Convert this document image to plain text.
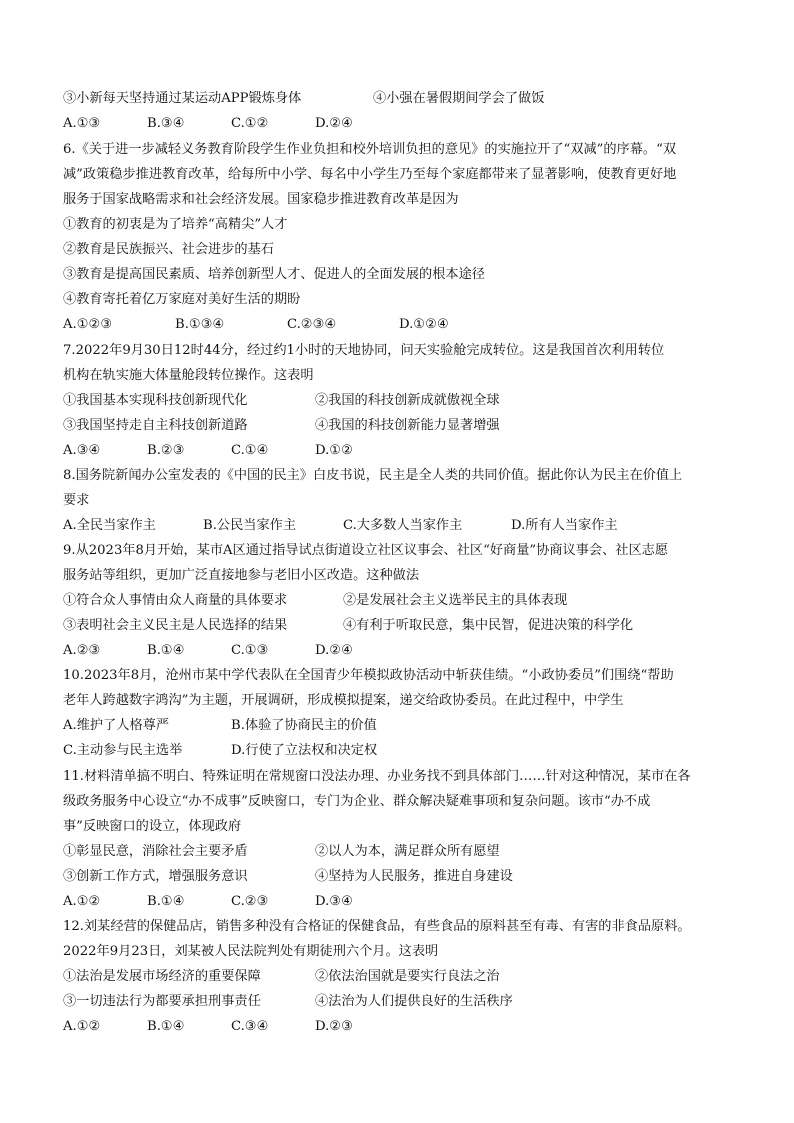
③小新每天坚持通过某运动APP锻炼身体	④小强在暑假期间学会了做饭
A.①③	B.③④	C.①②	D.②④
6.《关于进一步减轻义务教育阶段学生作业负担和校外培训负担的意见》的实施拉开了“双减”的序幕。“双
减”政策稳步推进教育改革，给每所中小学、每名中小学生乃至每个家庭都带来了显著影响，使教育更好地
服务于国家战略需求和社会经济发展。国家稳步推进教育改革是因为
①教育的初衷是为了培养“高精尖”人才
②教育是民族振兴、社会进步的基石
③教育是提高国民素质、培养创新型人才、促进人的全面发展的根本途径
④教育寄托着亿万家庭对美好生活的期盼
A.①②③	B.①③④	C.②③④	D.①②④
7.2022年9月30日12时44分，经过约1小时的天地协同，问天实验舱完成转位。这是我国首次利用转位
机构在轨实施大体量舱段转位操作。这表明
①我国基本实现科技创新现代化	②我国的科技创新成就傲视全球
③我国坚持走自主科技创新道路	④我国的科技创新能力显著增强
A.③④	B.②③	C.①④	D.①②
8.国务院新闻办公室发表的《中国的民主》白皮书说，民主是全人类的共同价值。据此你认为民主在价值上
要求
A.全民当家作主	B.公民当家作主	C.大多数人当家作主	D.所有人当家作主
9.从2023年8月开始，某市A区通过指导试点街道设立社区议事会、社区“好商量”协商议事会、社区志愿
服务站等组织，更加广泛直接地参与老旧小区改造。这种做法
①符合众人事情由众人商量的具体要求	②是发展社会主义选举民主的具体表现
③表明社会主义民主是人民选择的结果	④有利于听取民意，集中民智，促进决策的科学化
A.②③	B.①④	C.①③	D.②④
10.2023年8月，沧州市某中学代表队在全国青少年模拟政协活动中斩获佳绩。“小政协委员”们围绕“帮助
老年人跨越数字鸿沟”为主题，开展调研，形成模拟提案，递交给政协委员。在此过程中，中学生
A.维护了人格尊严	B.体验了协商民主的价值
C.主动参与民主选举	D.行使了立法权和决定权
11.材料清单搞不明白、特殊证明在常规窗口没法办理、办业务找不到具体部门……针对这种情况，某市在各
级政务服务中心设立“办不成事”反映窗口，专门为企业、群众解决疑难事项和复杂问题。该市“办不成
事”反映窗口的设立，体现政府
①彰显民意，消除社会主要矛盾	②以人为本，满足群众所有愿望
③创新工作方式，增强服务意识	④坚持为人民服务，推进自身建设
A.①②	B.①④	C.②③	D.③④
12.刘某经营的保健品店，销售多种没有合格证的保健食品，有些食品的原料甚至有毒、有害的非食品原料。
2022年9月23日，刘某被人民法院判处有期徒刑六个月。这表明
①法治是发展市场经济的重要保障	②依法治国就是要实行良法之治
③一切违法行为都要承担刑事责任	④法治为人们提供良好的生活秩序
A.①②	B.①④	C.③④	D.②③
